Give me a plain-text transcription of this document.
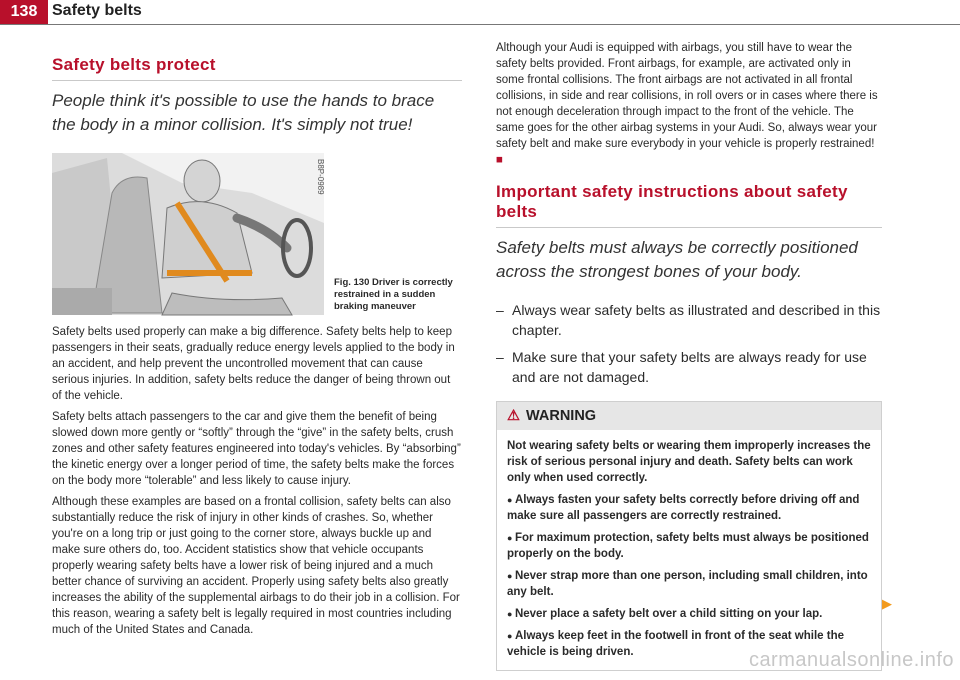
138 Safety belts
Safety belts protect
People think it's possible to use the hands to brace the body in a minor collision. It's simply not true!
B8P-0989
Fig. 130 Driver is correctly restrained in a sudden braking maneuver

Safety belts used properly can make a big difference. Safety belts help to keep passengers in their seats, gradually reduce energy levels applied to the body in an accident, and help prevent the uncontrolled movement that can cause serious injuries. In addition, safety belts reduce the danger of being thrown out of the vehicle.

Safety belts attach passengers to the car and give them the benefit of being slowed down more gently or “softly” through the “give” in the safety belts, crush zones and other safety features engineered into today's vehicles. By “absorbing” the kinetic energy over a longer period of time, the safety belts make the forces on the body more “tolerable” and less likely to cause injury.

Although these examples are based on a frontal collision, safety belts can also substantially reduce the risk of injury in other kinds of crashes. So, whether you're on a long trip or just going to the corner store, always buckle up and make sure others do, too. Accident statistics show that vehicle occupants properly wearing safety belts have a lower risk of being injured and a much better chance of surviving an accident. Properly using safety belts also greatly increases the ability of the supplemental airbags to do their job in a collision. For this reason, wearing a safety belt is legally required in most countries including much of the United States and Canada.

Although your Audi is equipped with airbags, you still have to wear the safety belts provided. Front airbags, for example, are activated only in some frontal collisions. The front airbags are not activated in all frontal collisions, in side and rear collisions, in roll overs or in cases where there is not enough deceleration through impact to the front of the vehicle. The same goes for the other airbag systems in your Audi. So, always wear your safety belt and make sure everybody in your vehicle is properly restrained! ■

Important safety instructions about safety belts
Safety belts must always be correctly positioned across the strongest bones of your body.
– Always wear safety belts as illustrated and described in this chapter.
– Make sure that your safety belts are always ready for use and are not damaged.
⚠ WARNING

Not wearing safety belts or wearing them improperly increases the risk of serious personal injury and death. Safety belts can work only when used correctly.

● Always fasten your safety belts correctly before driving off and make sure all passengers are correctly restrained.

● For maximum protection, safety belts must always be positioned properly on the body.

● Never strap more than one person, including small children, into any belt.

● Never place a safety belt over a child sitting on your lap.

● Always keep feet in the footwell in front of the seat while the vehicle is being driven.

▶
carmanualsonline.info
